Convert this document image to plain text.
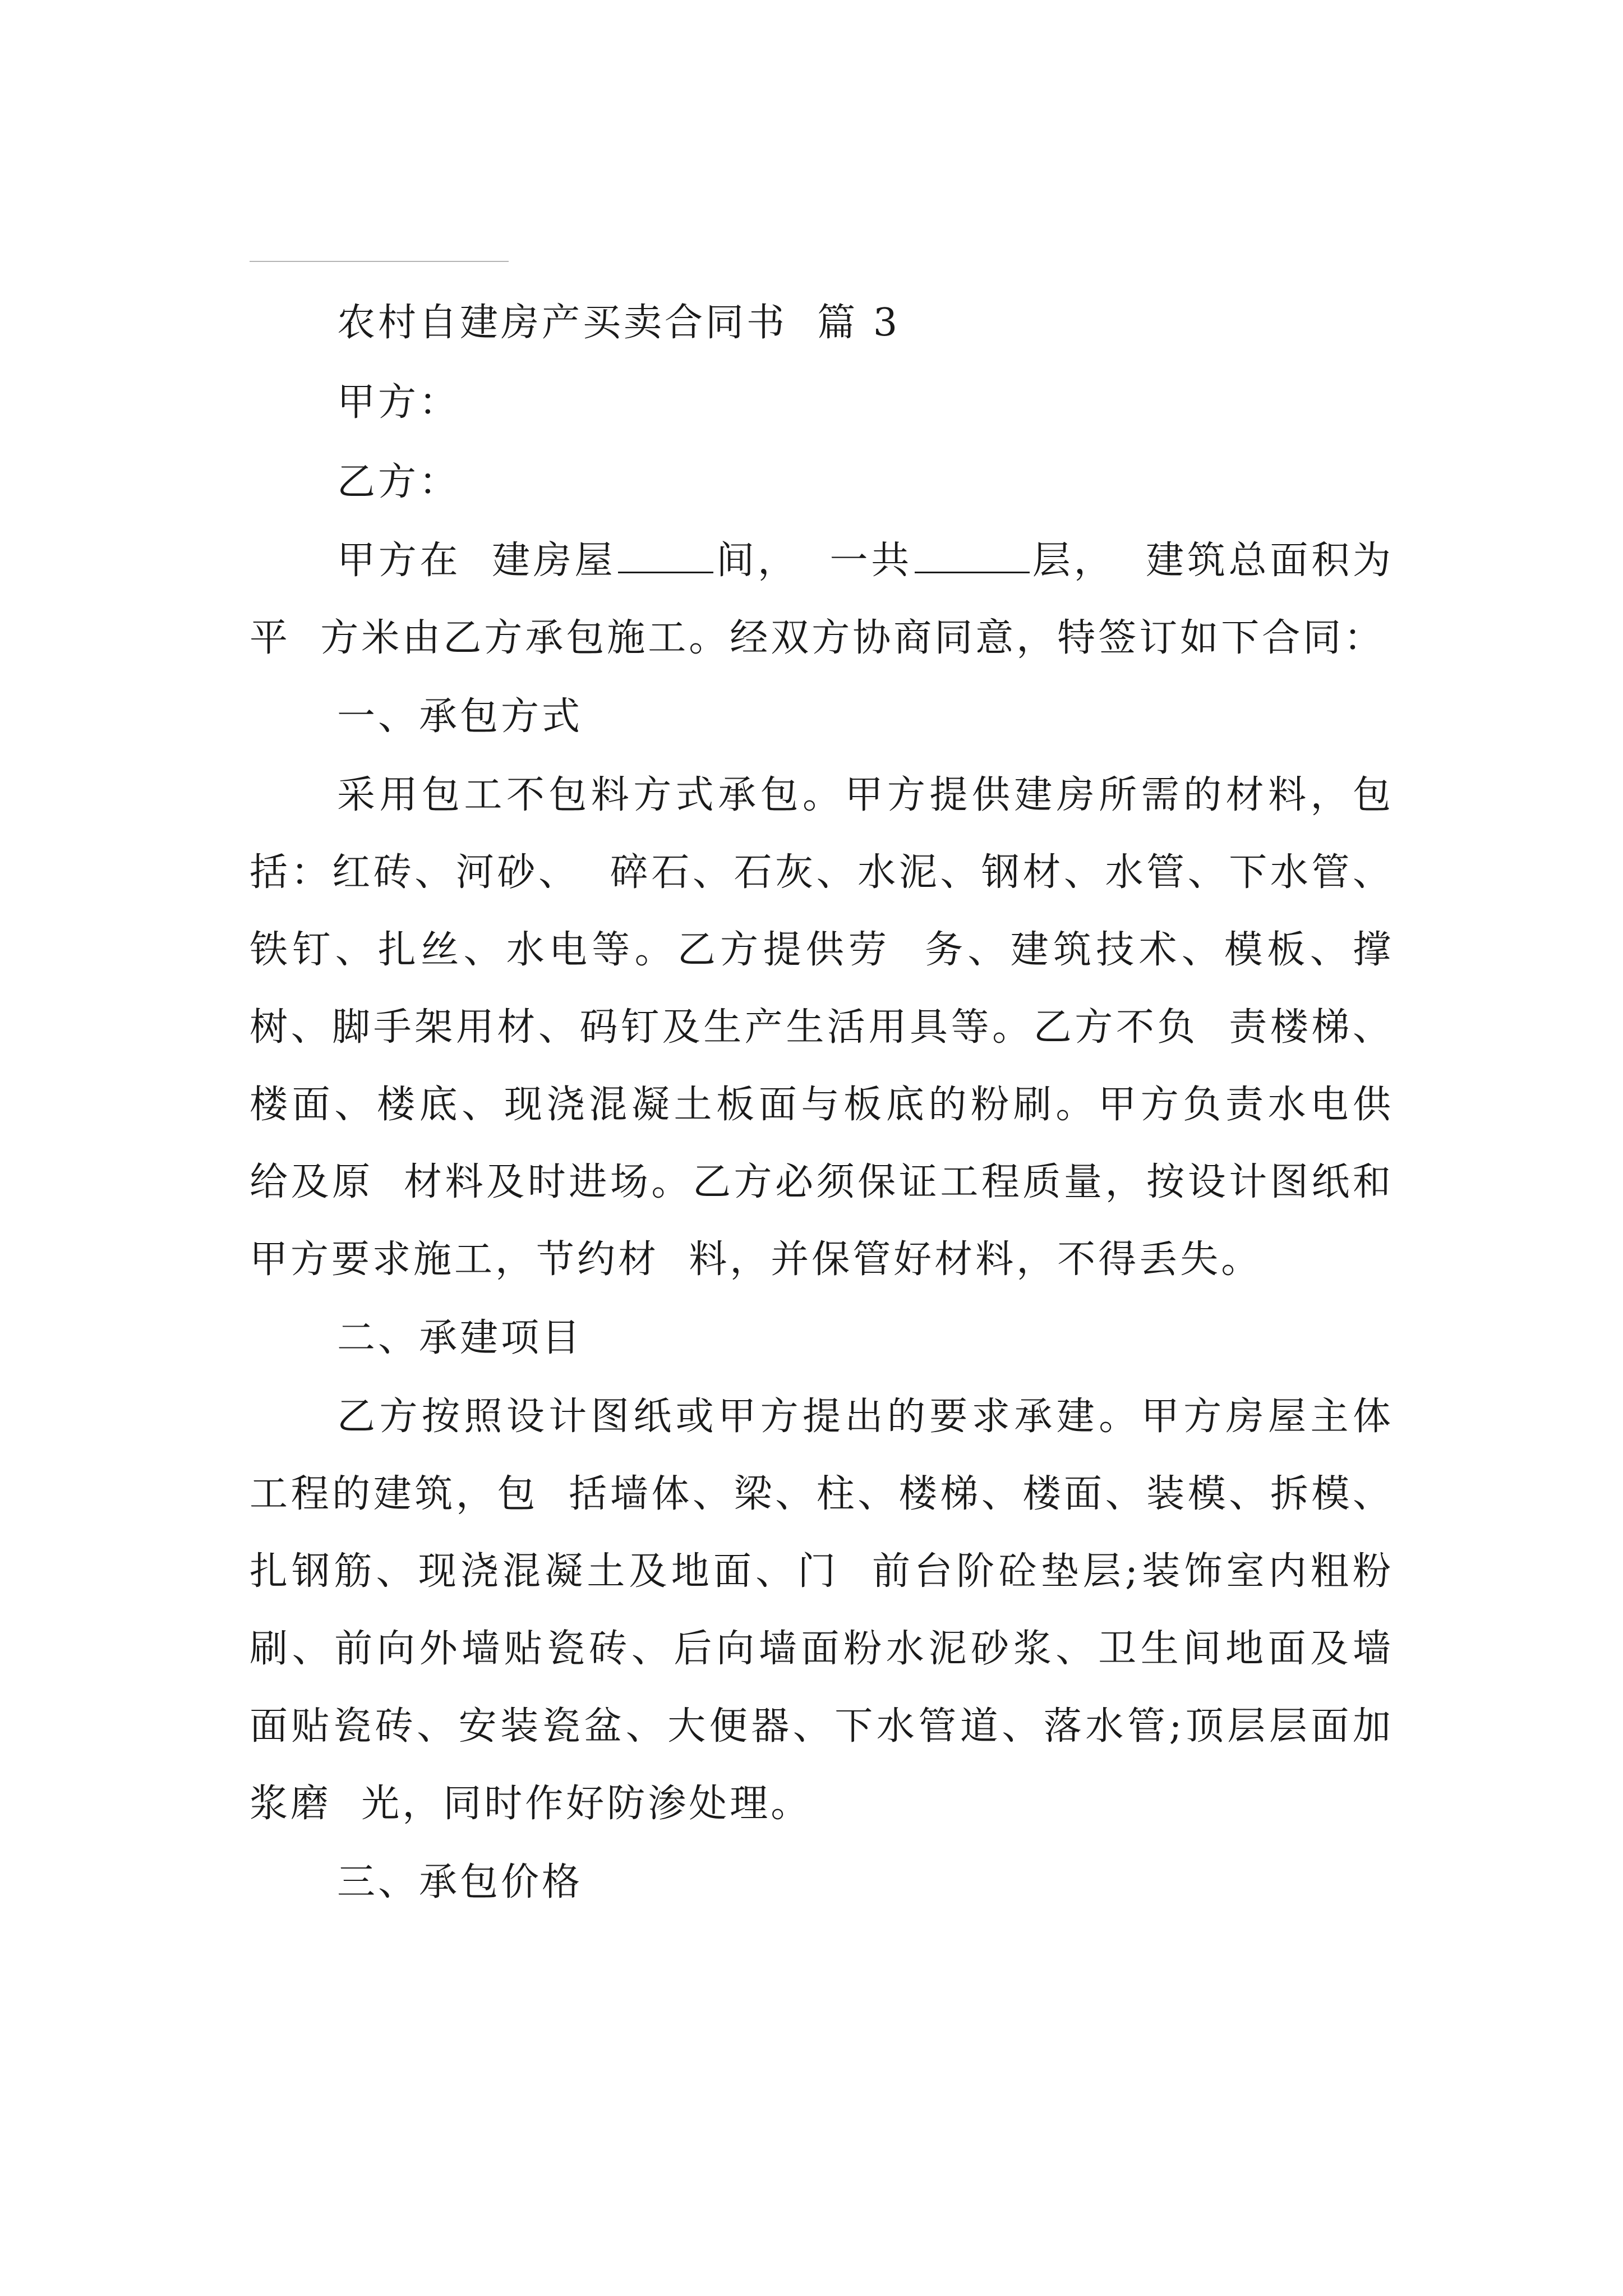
农村自建房产买卖合同书  篇 3

甲方：

乙方：

甲方在  建房屋	间，  一共	层，  建筑总面积为  平  方米由乙方承包施工。经双方协商同意，特签订如下合同：

一、承包方式

采用包工不包料方式承包。甲方提供建房所需的材料，包括：红砖、河砂、  碎石、石灰、水泥、钢材、水管、下水管、铁钉、扎丝、水电等。乙方提供劳  务、建筑技术、模板、撑树、脚手架用材、码钉及生产生活用具等。乙方不负  责楼梯、楼面、楼底、现浇混凝土板面与板底的粉刷。甲方负责水电供给及原  材料及时进场。乙方必须保证工程质量，按设计图纸和甲方要求施工，节约材  料，并保管好材料，不得丢失。

二、承建项目

乙方按照设计图纸或甲方提出的要求承建。甲方房屋主体工程的建筑，包  括墙体、梁、柱、楼梯、楼面、装模、拆模、扎钢筋、现浇混凝土及地面、门  前台阶砼垫层;装饰室内粗粉刷、前向外墙贴瓷砖、后向墙面粉水泥砂浆、卫生间地面及墙面贴瓷砖、安装瓷盆、大便器、下水管道、落水管;顶层层面加浆磨  光，同时作好防渗处理。

三、承包价格
